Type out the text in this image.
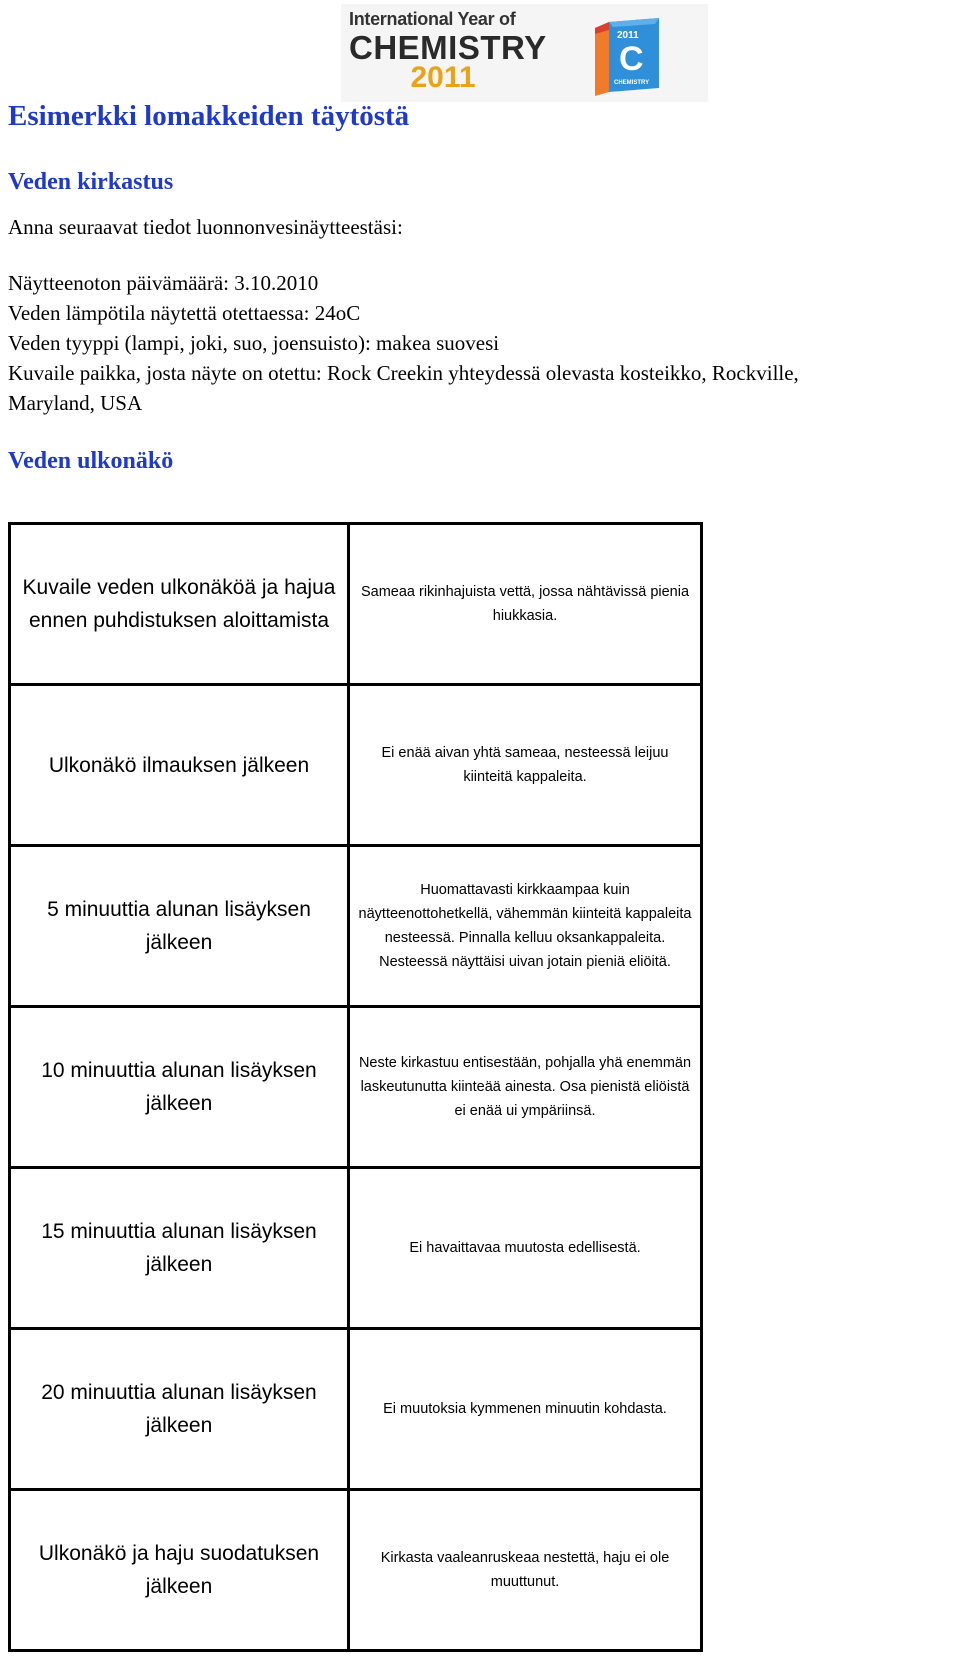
International Year of
CHEMISTRY
2011
2011
C
CHEMISTRY
Esimerkki lomakkeiden täytöstä
Veden kirkastus
Anna seuraavat tiedot luonnonvesinäytteestäsi:
Näytteenoton päivämäärä: 3.10.2010
Veden lämpötila näytettä otettaessa: 24oC
Veden tyyppi (lampi, joki, suo, joensuisto): makea suovesi
Kuvaile paikka, josta näyte on otettu: Rock Creekin yhteydessä olevasta kosteikko, Rockville,
Maryland, USA
Veden ulkonäkö
Kuvaile veden ulkonäköä ja hajua ennen puhdistuksen aloittamista	Sameaa rikinhajuista vettä, jossa nähtävissä pienia hiukkasia.
Ulkonäkö ilmauksen jälkeen	Ei enää aivan yhtä sameaa, nesteessä leijuu kiinteitä kappaleita.
5 minuuttia alunan lisäyksen jälkeen	Huomattavasti kirkkaampaa kuin näytteenottohetkellä, vähemmän kiinteitä kappaleita nesteessä. Pinnalla kelluu oksankappaleita. Nesteessä näyttäisi uivan jotain pieniä eliöitä.
10 minuuttia alunan lisäyksen jälkeen	Neste kirkastuu entisestään, pohjalla yhä enemmän laskeutunutta kiinteää ainesta. Osa pienistä eliöistä ei enää ui ympäriinsä.
15 minuuttia alunan lisäyksen jälkeen	Ei havaittavaa muutosta edellisestä.
20 minuuttia alunan lisäyksen jälkeen	Ei muutoksia kymmenen minuutin kohdasta.
Ulkonäkö ja haju suodatuksen jälkeen	Kirkasta vaaleanruskeaa nestettä, haju ei ole muuttunut.
